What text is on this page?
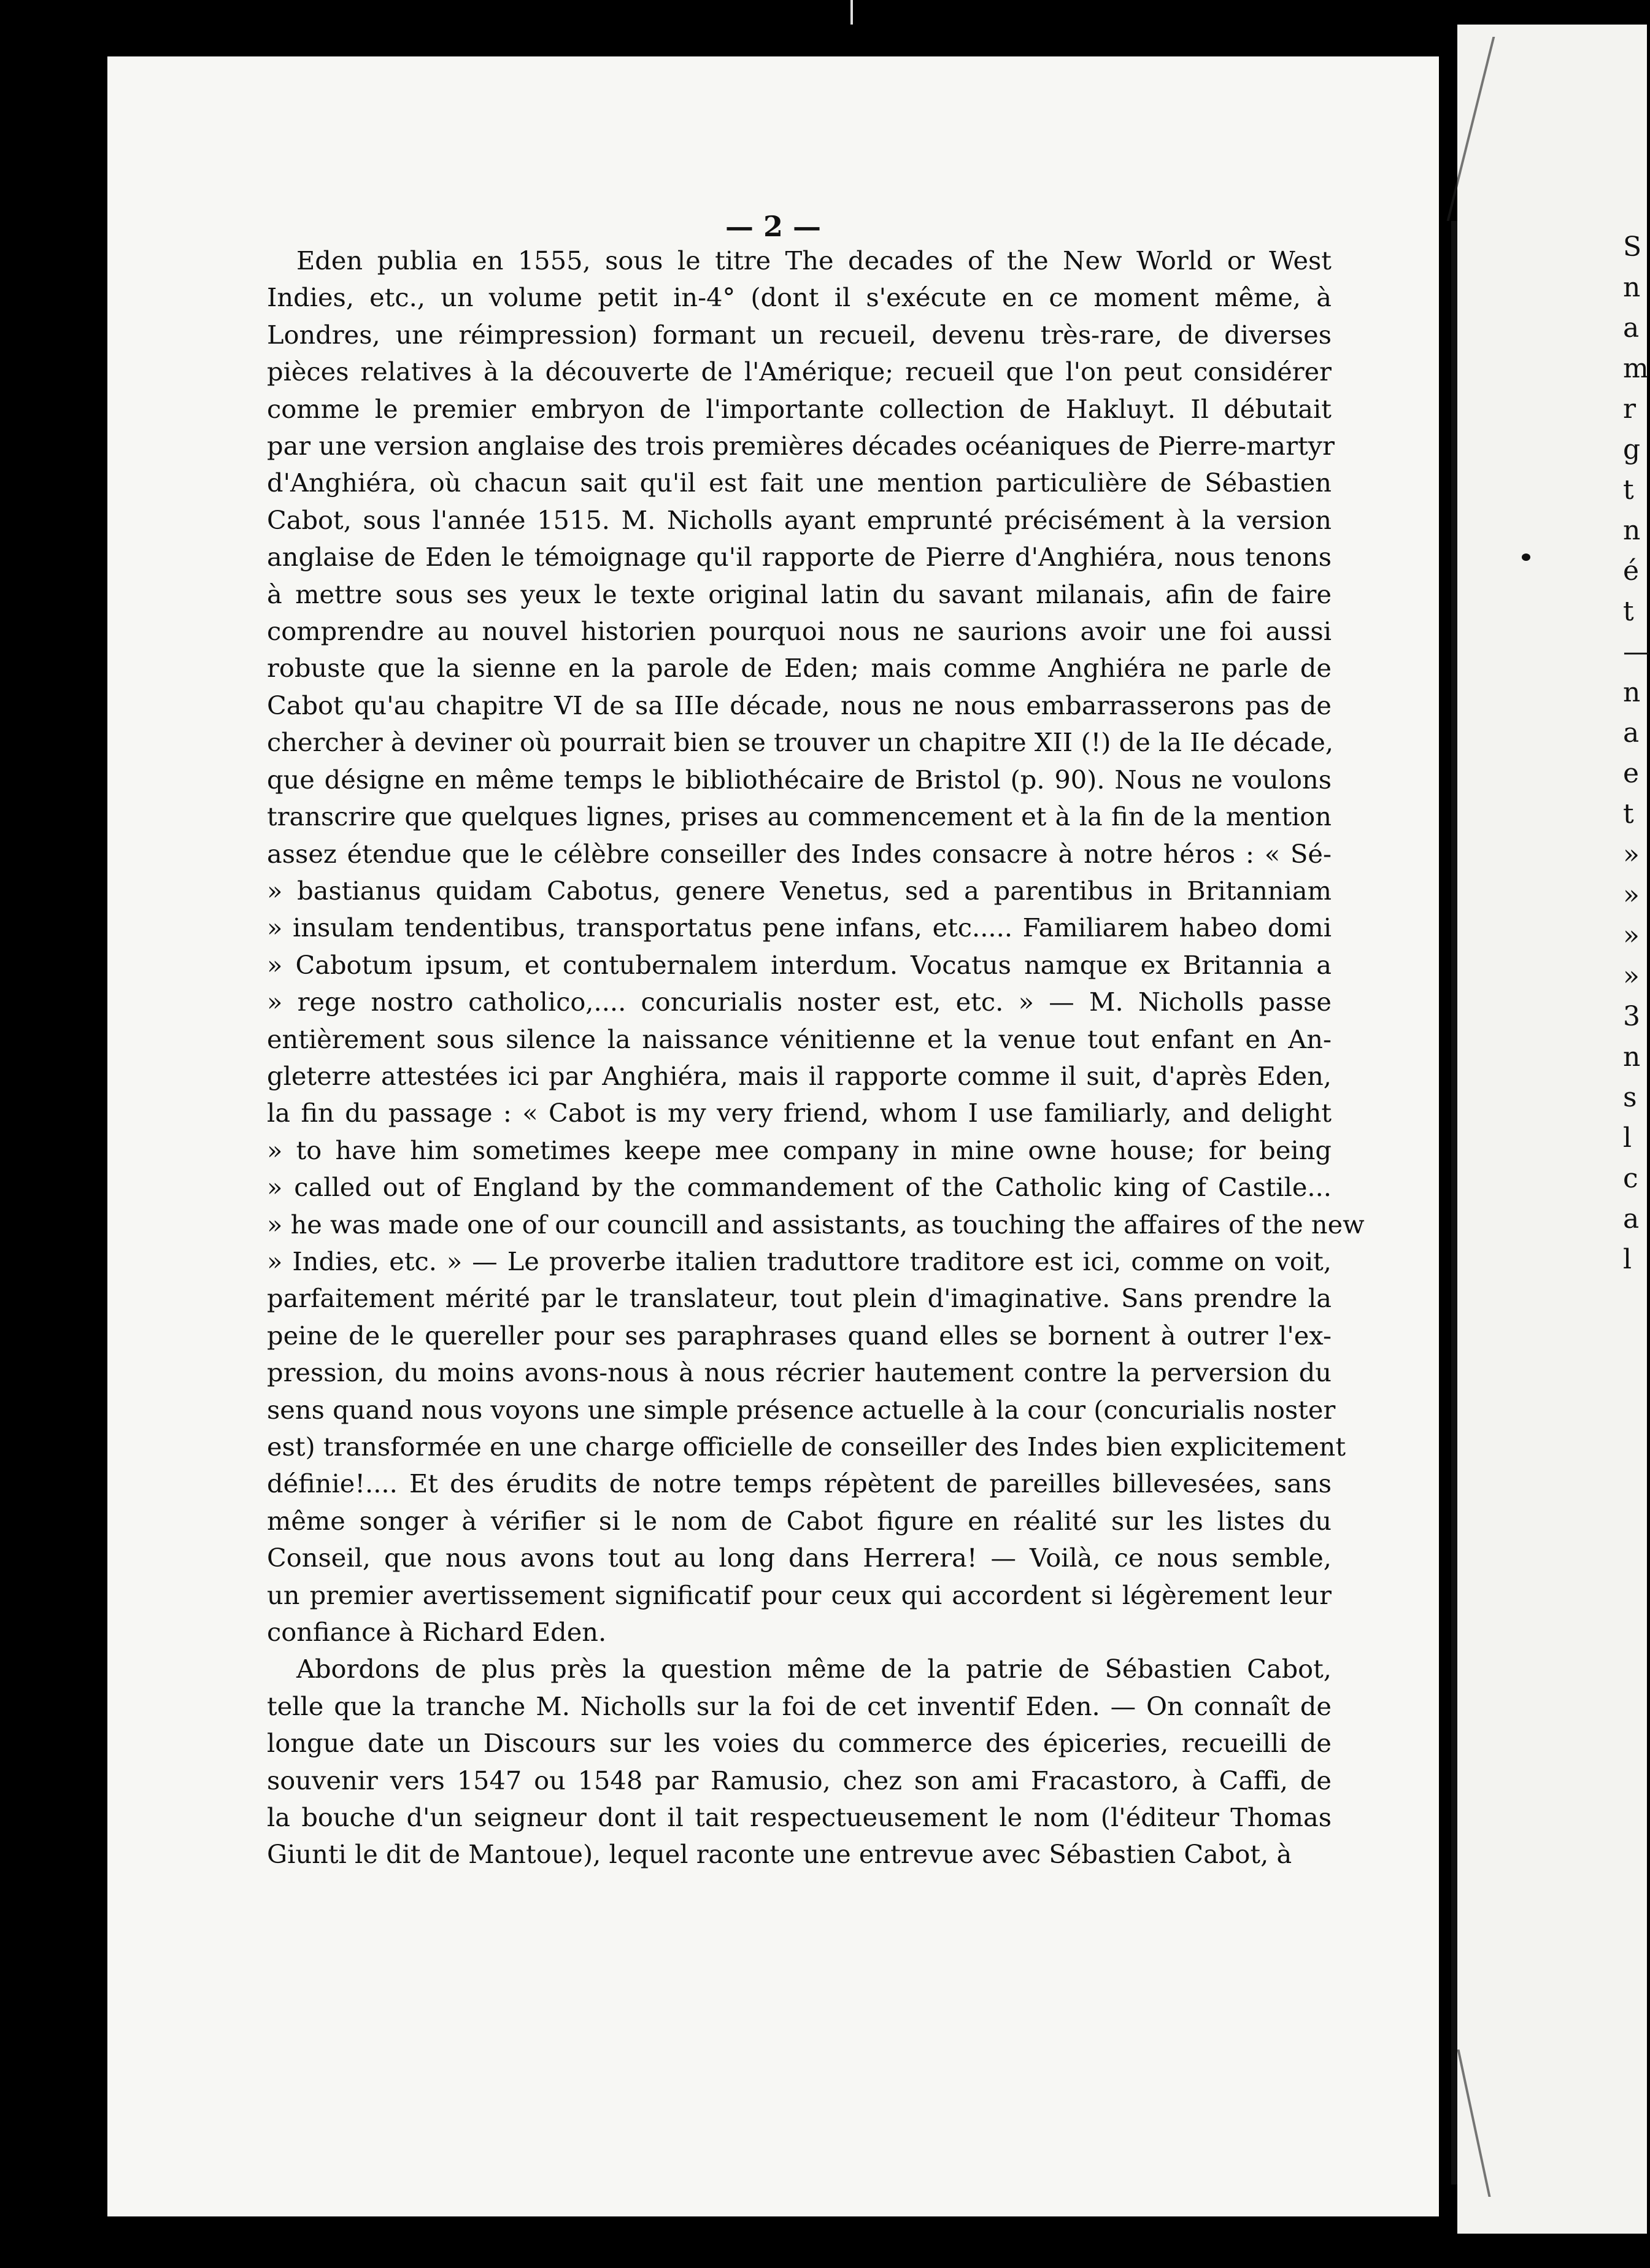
— 2 —

Eden publia en 1555, sous le titre The decades of the New World or West
Indies, etc., un volume petit in-4° (dont il s'exécute en ce moment même, à
Londres, une réimpression) formant un recueil, devenu très-rare, de diverses
pièces relatives à la découverte de l'Amérique; recueil que l'on peut considérer
comme le premier embryon de l'importante collection de Hakluyt. Il débutait
par une version anglaise des trois premières décades océaniques de Pierre-martyr
d'Anghiéra, où chacun sait qu'il est fait une mention particulière de Sébastien
Cabot, sous l'année 1515. M. Nicholls ayant emprunté précisément à la version
anglaise de Eden le témoignage qu'il rapporte de Pierre d'Anghiéra, nous tenons
à mettre sous ses yeux le texte original latin du savant milanais, afin de faire
comprendre au nouvel historien pourquoi nous ne saurions avoir une foi aussi
robuste que la sienne en la parole de Eden; mais comme Anghiéra ne parle de
Cabot qu'au chapitre VI de sa IIIe décade, nous ne nous embarrasserons pas de
chercher à deviner où pourrait bien se trouver un chapitre XII (!) de la IIe décade,
que désigne en même temps le bibliothécaire de Bristol (p. 90). Nous ne voulons
transcrire que quelques lignes, prises au commencement et à la fin de la mention
assez étendue que le célèbre conseiller des Indes consacre à notre héros : « Sé-
» bastianus quidam Cabotus, genere Venetus, sed a parentibus in Britanniam
» insulam tendentibus, transportatus pene infans, etc..... Familiarem habeo domi
» Cabotum ipsum, et contubernalem interdum. Vocatus namque ex Britannia a
» rege nostro catholico,.... concurialis noster est, etc. » — M. Nicholls passe
entièrement sous silence la naissance vénitienne et la venue tout enfant en An-
gleterre attestées ici par Anghiéra, mais il rapporte comme il suit, d'après Eden,
la fin du passage : « Cabot is my very friend, whom I use familiarly, and delight
» to have him sometimes keepe mee company in mine owne house; for being
» called out of England by the commandement of the Catholic king of Castile...
» he was made one of our councill and assistants, as touching the affaires of the new
» Indies, etc. » — Le proverbe italien traduttore traditore est ici, comme on voit,
parfaitement mérité par le translateur, tout plein d'imaginative. Sans prendre la
peine de le quereller pour ses paraphrases quand elles se bornent à outrer l'ex-
pression, du moins avons-nous à nous récrier hautement contre la perversion du
sens quand nous voyons une simple présence actuelle à la cour (concurialis noster
est) transformée en une charge officielle de conseiller des Indes bien explicitement
définie!.... Et des érudits de notre temps répètent de pareilles billevesées, sans
même songer à vérifier si le nom de Cabot figure en réalité sur les listes du
Conseil, que nous avons tout au long dans Herrera! — Voilà, ce nous semble,
un premier avertissement significatif pour ceux qui accordent si légèrement leur
confiance à Richard Eden.

Abordons de plus près la question même de la patrie de Sébastien Cabot,
telle que la tranche M. Nicholls sur la foi de cet inventif Eden. — On connaît de
longue date un Discours sur les voies du commerce des épiceries, recueilli de
souvenir vers 1547 ou 1548 par Ramusio, chez son ami Fracastoro, à Caffi, de
la bouche d'un seigneur dont il tait respectueusement le nom (l'éditeur Thomas
Giunti le dit de Mantoue), lequel raconte une entrevue avec Sébastien Cabot, à

S
n
a
m
r
g
t
n
é
t
—
n
a
e
t
»
»
»
»
3
n
s
l
c
a
l
